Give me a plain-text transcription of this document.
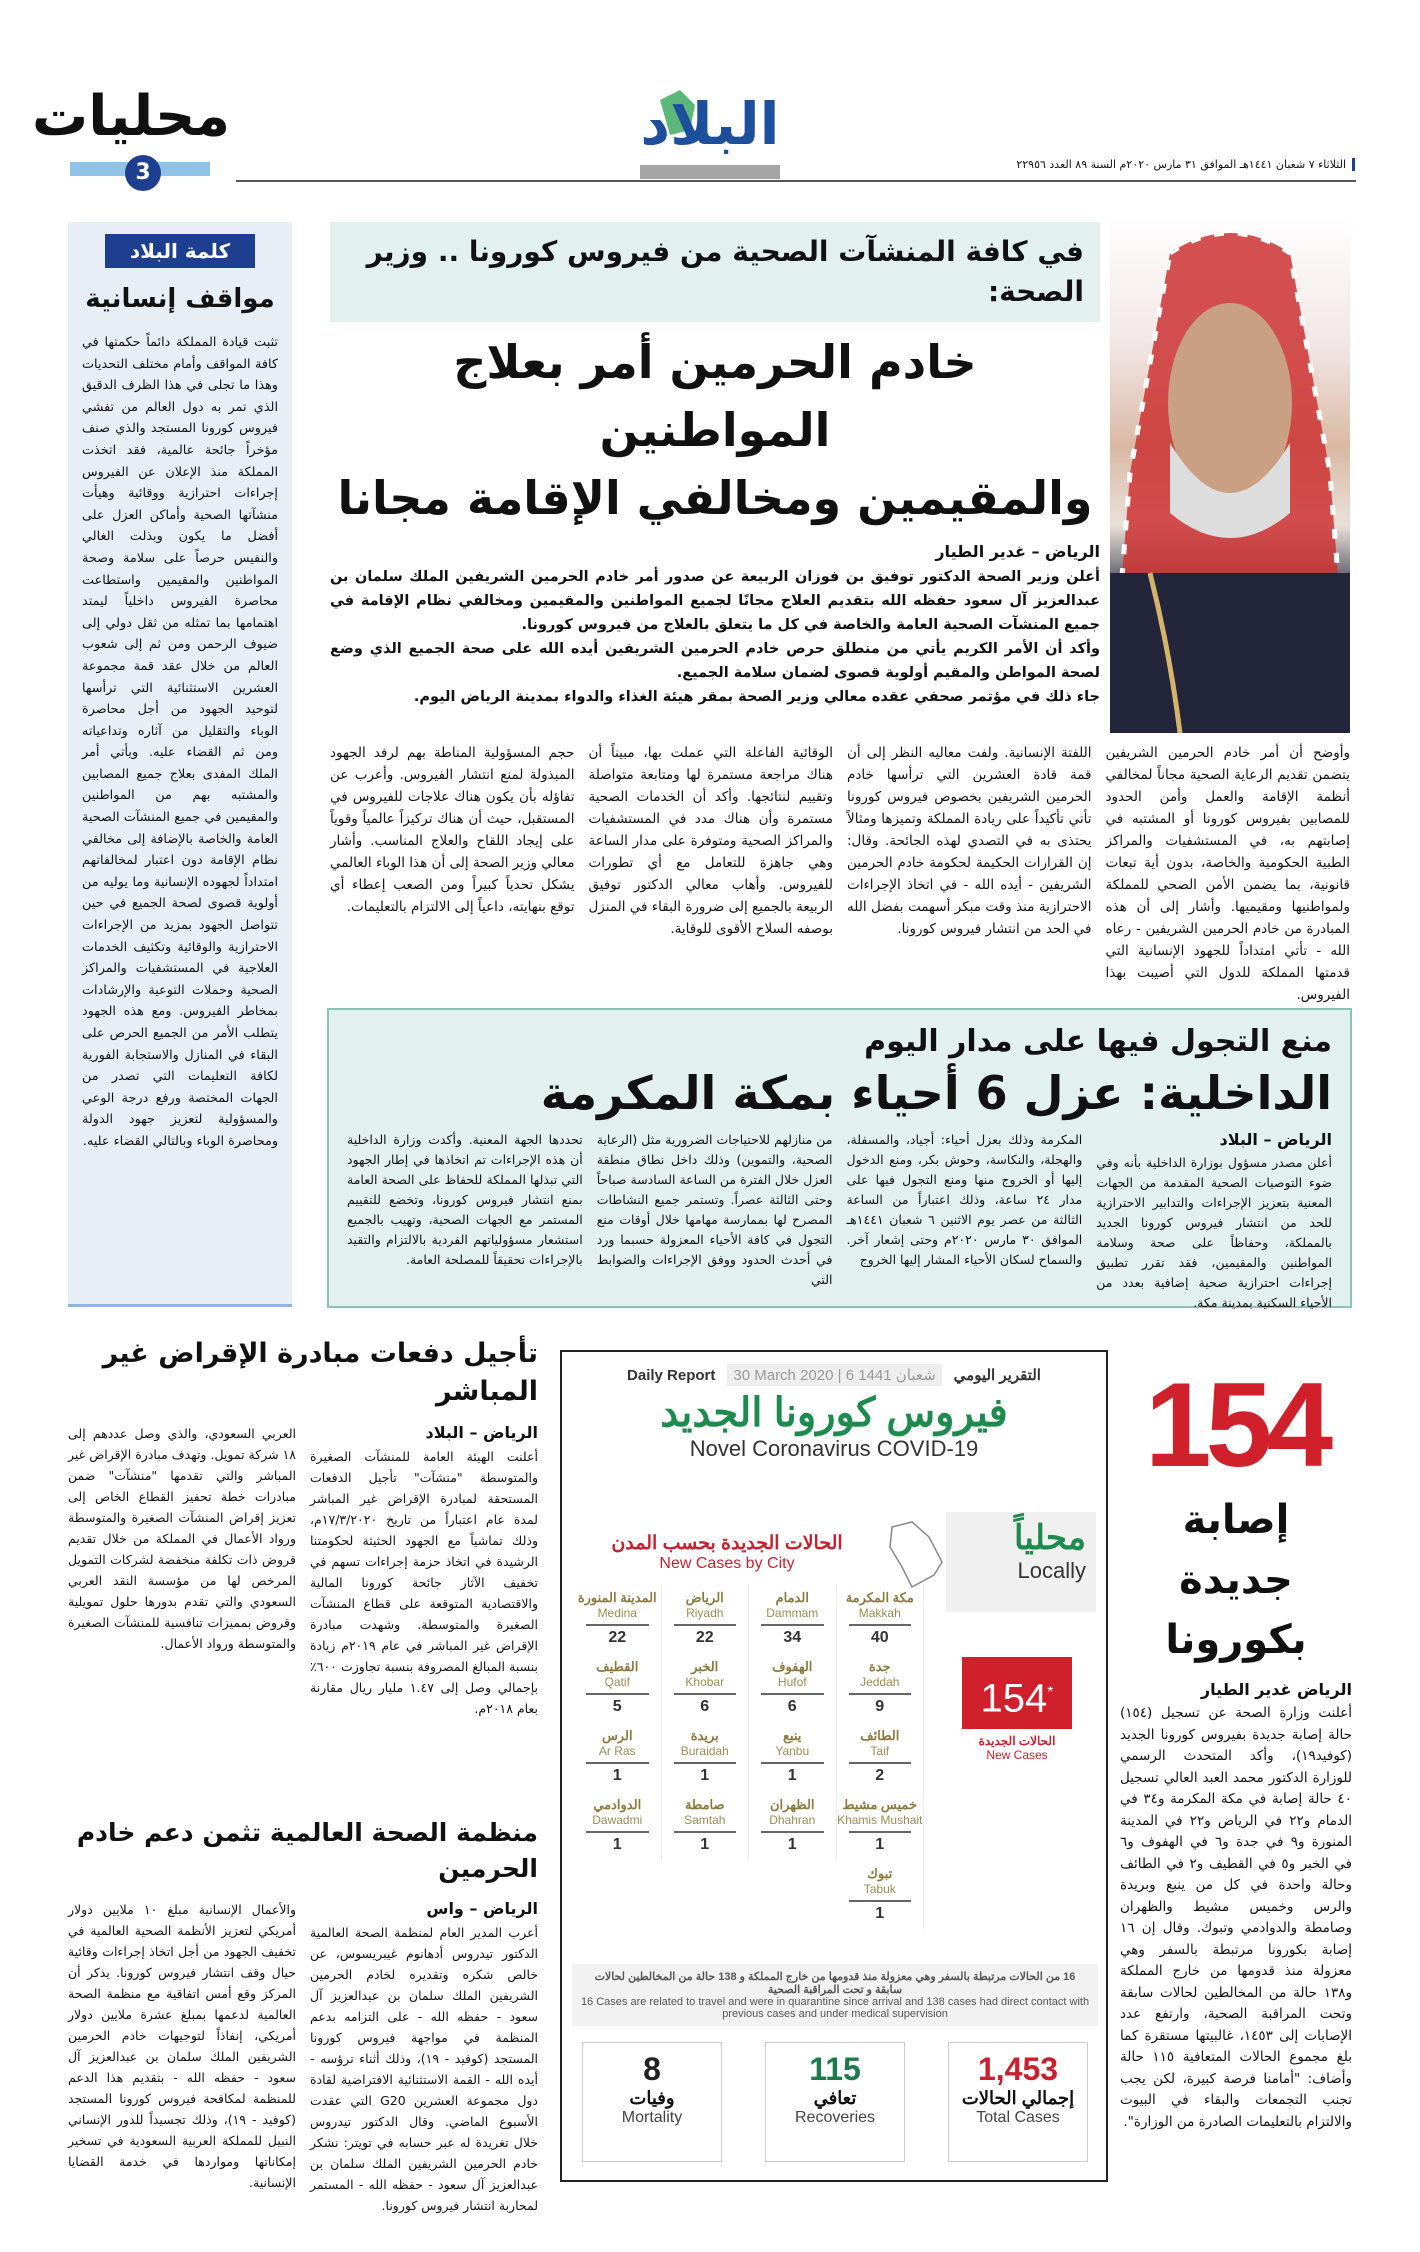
محليات
3
البلاد
الثلاثاء ٧ شعبان ١٤٤١هـ الموافق ٣١ مارس ٢٠٢٠م السنة ٨٩ العدد ٢٢٩٥٦
كلمة البلاد
مواقف إنسانية
تثبت قيادة المملكة دائماً حكمتها في كافة المواقف وأمام مختلف التحديات وهذا ما تجلى في هذا الظرف الدقيق الذي تمر به دول العالم من تفشي فيروس كورونا المستجد والذي صنف مؤخراً جائحة عالمية، فقد اتخذت المملكة منذ الإعلان عن الفيروس إجراءات احترازية ووقائية وهيأت منشآتها الصحية وأماكن العزل على أفضل ما يكون وبذلت الغالي والنفيس حرصاً على سلامة وصحة المواطنين والمقيمين واستطاعت محاصرة الفيروس داخلياً ليمتد اهتمامها بما تمثله من ثقل دولي إلى ضيوف الرحمن ومن ثم إلى شعوب العالم من خلال عقد قمة مجموعة العشرين الاستثنائية التي ترأسها لتوحيد الجهود من أجل محاصرة الوباء والتقليل من آثاره وتداعياته ومن ثم القضاء عليه. ويأتي أمر الملك المفدى بعلاج جميع المصابين والمشتبه بهم من المواطنين والمقيمين في جميع المنشآت الصحية العامة والخاصة بالإضافة إلى مخالفي نظام الإقامة دون اعتبار لمخالفاتهم امتداداً لجهوده الإنسانية وما يوليه من أولوية قصوى لصحة الجميع في حين تتواصل الجهود بمزيد من الإجراءات الاحترازية والوقائية وتكثيف الخدمات العلاجية في المستشفيات والمراكز الصحية وحملات التوعية والإرشادات بمخاطر الفيروس. ومع هذه الجهود يتطلب الأمر من الجميع الحرص على البقاء في المنازل والاستجابة الفورية لكافة التعليمات التي تصدر من الجهات المختصة ورفع درجة الوعي والمسؤولية لتعزيز جهود الدولة ومحاصرة الوباء وبالتالي القضاء عليه.
في كافة المنشآت الصحية من فيروس كورونا .. وزير الصحة:
خادم الحرمين أمر بعلاج المواطنين
والمقيمين ومخالفي الإقامة مجانا
الرياض – غدير الطيار
أعلن وزير الصحة الدكتور توفيق بن فوزان الربيعة عن صدور أمر خادم الحرمين الشريفين الملك سلمان بن عبدالعزيز آل سعود حفظه الله بتقديم العلاج مجانًا لجميع المواطنين والمقيمين ومخالفي نظام الإقامة في جميع المنشآت الصحية العامة والخاصة في كل ما يتعلق بالعلاج من فيروس كورونا.
وأكد أن الأمر الكريم يأتي من منطلق حرص خادم الحرمين الشريفين أيده الله على صحة الجميع الذي وضع لصحة المواطن والمقيم أولوية قصوى لضمان سلامة الجميع.
جاء ذلك في مؤتمر صحفي عقده معالي وزير الصحة بمقر هيئة الغذاء والدواء بمدينة الرياض اليوم.
وأوضح أن أمر خادم الحرمين الشريفين يتضمن تقديم الرعاية الصحية مجاناً لمخالفي أنظمة الإقامة والعمل وأمن الحدود للمصابين بفيروس كورونا أو المشتبه في إصابتهم به، في المستشفيات والمراكز الطبية الحكومية والخاصة، بدون أية تبعات قانونية، بما يضمن الأمن الصحي للمملكة ولمواطنيها ومقيميها. وأشار إلى أن هذه المبادرة من خادم الحرمين الشريفين - رعاه الله - تأتي امتداداً للجهود الإنسانية التي قدمتها المملكة للدول التي أصيبت بهذا الفيروس.
اللفتة الإنسانية. ولفت معاليه النظر إلى أن قمة قادة العشرين التي ترأسها خادم الحرمين الشريفين بخصوص فيروس كورونا تأتي تأكيداً على ريادة المملكة وتميزها ومثالاً يحتذى به في التصدي لهذه الجائحة. وقال: إن القرارات الحكيمة لحكومة خادم الحرمين الشريفين - أيده الله - في اتخاذ الإجراءات الاحترازية منذ وقت مبكر أسهمت بفضل الله في الحد من انتشار فيروس كورونا.
الوقائية الفاعلة التي عملت بها، مبيناً أن هناك مراجعة مستمرة لها ومتابعة متواصلة وتقييم لنتائجها. وأكد أن الخدمات الصحية مستمرة وأن هناك مدد في المستشفيات والمراكز الصحية ومتوفرة على مدار الساعة وهي جاهزة للتعامل مع أي تطورات للفيروس. وأهاب معالي الدكتور توفيق الربيعة بالجميع إلى ضرورة البقاء في المنزل بوصفه السلاح الأقوى للوقاية.
حجم المسؤولية المناطة بهم لرفد الجهود المبذولة لمنع انتشار الفيروس. وأعرب عن تفاؤله بأن يكون هناك علاجات للفيروس في المستقبل، حيث أن هناك تركيزاً عالمياً وقوياً على إيجاد اللقاح والعلاج المناسب. وأشار معالي وزير الصحة إلى أن هذا الوباء العالمي يشكل تحدياً كبيراً ومن الصعب إعطاء أي توقع بنهايته، داعياً إلى الالتزام بالتعليمات.
منع التجول فيها على مدار اليوم
الداخلية: عزل 6 أحياء بمكة المكرمة
الرياض – البلاد
أعلن مصدر مسؤول بوزارة الداخلية بأنه وفي ضوء التوصيات الصحية المقدمة من الجهات المعنية بتعزيز الإجراءات والتدابير الاحترازية للحد من انتشار فيروس كورونا الجديد بالمملكة، وحفاظاً على صحة وسلامة المواطنين والمقيمين، فقد تقرر تطبيق إجراءات احترازية صحية إضافية بعدد من الأحياء السكنية بمدينة مكة.
المكرمة وذلك بعزل أحياء: أجياد، والمسفلة، والهجلة، والنكاسة، وحوش بكر، ومنع الدخول إليها أو الخروج منها ومنع التجول فيها على مدار ٢٤ ساعة، وذلك اعتباراً من الساعة الثالثة من عصر يوم الاثنين ٦ شعبان ١٤٤١هـ الموافق ٣٠ مارس ٢٠٢٠م وحتى إشعار آخر. والسماح لسكان الأحياء المشار إليها الخروج
من منازلهم للاحتياجات الضرورية مثل (الرعاية الصحية، والتموين) وذلك داخل نطاق منطقة العزل خلال الفترة من الساعة السادسة صباحاً وحتى الثالثة عصراً. وتستمر جميع النشاطات المصرح لها بممارسة مهامها خلال أوقات منع التجول في كافة الأحياء المعزولة حسبما ورد في أحدث الحدود ووفق الإجراءات والضوابط التي
تحددها الجهة المعنية. وأكدت وزارة الداخلية أن هذه الإجراءات تم اتخاذها في إطار الجهود التي تبذلها المملكة للحفاظ على الصحة العامة بمنع انتشار فيروس كورونا، وتخضع للتقييم المستمر مع الجهات الصحية، وتهيب بالجميع استشعار مسؤولياتهم الفردية بالالتزام والتقيد بالإجراءات تحقيقاً للمصلحة العامة.
تأجيل دفعات مبادرة الإقراض غير المباشر
الرياض – البلاد
أعلنت الهيئة العامة للمنشآت الصغيرة والمتوسطة "منشآت" تأجيل الدفعات المستحقة لمبادرة الإقراض غير المباشر لمدة عام اعتباراً من تاريخ ١٧/٣/٢٠٢٠م، وذلك تماشياً مع الجهود الحثيثة لحكومتنا الرشيدة في اتخاذ حزمة إجراءات تسهم في تخفيف الآثار جائحة كورونا المالية والاقتصادية المتوقعة على قطاع المنشآت الصغيرة والمتوسطة. وشهدت مبادرة الإقراض غير المباشر في عام ٢٠١٩م زيادة بنسبة المبالغ المصروفة بنسبة تجاوزت ٦٠٠٪ بإجمالي وصل إلى ١.٤٧ مليار ريال مقارنة بعام ٢٠١٨م.
العربي السعودي، والذي وصل عددهم إلى ١٨ شركة تمويل. وتهدف مبادرة الإقراض غير المباشر والتي تقدمها "منشآت" ضمن مبادرات خطة تحفيز القطاع الخاص إلى تعزيز إقراض المنشآت الصغيرة والمتوسطة ورواد الأعمال في المملكة من خلال تقديم قروض ذات تكلفة منخفضة لشركات التمويل المرخص لها من مؤسسة النقد العربي السعودي والتي تقدم بدورها حلول تمويلية وقروض بمميزات تنافسية للمنشآت الصغيرة والمتوسطة ورواد الأعمال.
منظمة الصحة العالمية تثمن دعم خادم الحرمين
الرياض – واس
أعرب المدير العام لمنظمة الصحة العالمية الدكتور تيدروس أدهانوم غيبريسوس، عن خالص شكره وتقديره لخادم الحرمين الشريفين الملك سلمان بن عبدالعزيز آل سعود - حفظه الله - على التزامه بدعم المنظمة في مواجهة فيروس كورونا المستجد (كوفيد - ١٩)، وذلك أثناء ترؤسه - أيده الله - القمة الاستثنائية الافتراضية لقادة دول مجموعة العشرين G20 التي عقدت الأسبوع الماضي. وقال الدكتور تيدروس خلال تغريدة له عبر حسابه في تويتر: نشكر خادم الحرمين الشريفين الملك سلمان بن عبدالعزيز آل سعود - حفظه الله - المستمر لمحاربة انتشار فيروس كورونا.
والأعمال الإنسانية مبلغ ١٠ ملايين دولار أمريكي لتعزيز الأنظمة الصحية العالمية في تخفيف الجهود من أجل اتخاذ إجراءات وقائية حيال وقف انتشار فيروس كورونا. يذكر أن المركز وقع أمس اتفاقية مع منظمة الصحة العالمية لدعمها بمبلغ عشرة ملايين دولار أمريكي، إنفاذاً لتوجيهات خادم الحرمين الشريفين الملك سلمان بن عبدالعزيز آل سعود - حفظه الله - بتقديم هذا الدعم للمنظمة لمكافحة فيروس كورونا المستجد (كوفيد - ١٩)، وذلك تجسيداً للدور الإنساني النبيل للمملكة العربية السعودية في تسخير إمكاناتها ومواردها في خدمة القضايا الإنسانية.
Daily Report	30 March 2020 | 6 شعبان 1441	التقرير اليومي
فيروس كورونا الجديد
Novel Coronavirus COVID-19
محلياً
Locally
الحالات الجديدة بحسب المدن
New Cases by City
مكة المكرمة
Makkah
40
الدمام
Dammam
34
الرياض
Riyadh
22
المدينة المنورة
Medina
22
جدة
Jeddah
9
الهفوف
Hufof
6
الخبر
Khobar
6
القطيف
Qatif
5
الطائف
Taif
2
ينبع
Yanbu
1
بريدة
Buraidah
1
الرس
Ar Ras
1
خميس مشيط
Khamis Mushait
1
الظهران
Dhahran
1
صامطة
Samtah
1
الدوادمي
Dawadmi
1
تبوك
Tabuk
1
154*
الحالات الجديدة
New Cases
16 من الحالات مرتبطة بالسفر وهي معزولة منذ قدومها من خارج المملكة و 138 حالة من المخالطين لحالات سابقة و تحت المراقبة الصحية
16 Cases are related to travel and were in quarantine since arrival and 138 cases had direct contact with previous cases and under medical supervision
1,453
إجمالي الحالات
Total Cases
115
تعافي
Recoveries
8
وفيات
Mortality
154
إصابة جديدة
بكورونا
الرياض غدير الطيار
أعلنت وزارة الصحة عن تسجيل (١٥٤) حالة إصابة جديدة بفيروس كورونا الجديد (كوفيد١٩)، وأكد المتحدث الرسمي للوزارة الدكتور محمد العبد العالي تسجيل ٤٠ حالة إصابة في مكة المكرمة و٣٤ في الدمام و٢٢ في الرياض و٢٢ في المدينة المنورة و٩ في جدة و٦ في الهفوف و٦ في الخبر و٥ في القطيف و٢ في الطائف وحالة واحدة في كل من ينبع وبريدة والرس وخميس مشيط والظهران وصامطة والدوادمي وتبوك. وقال إن ١٦ إصابة بكورونا مرتبطة بالسفر وهي معزولة منذ قدومها من خارج المملكة و١٣٨ حالة من المخالطين لحالات سابقة وتحت المراقبة الصحية، وارتفع عدد الإصابات إلى ١٤٥٣، غالبيتها مستقرة كما بلغ مجموع الحالات المتعافية ١١٥ حالة وأضاف: "أمامنا فرصة كبيرة، لكن يجب تجنب التجمعات والبقاء في البيوت والالتزام بالتعليمات الصادرة من الوزارة".
